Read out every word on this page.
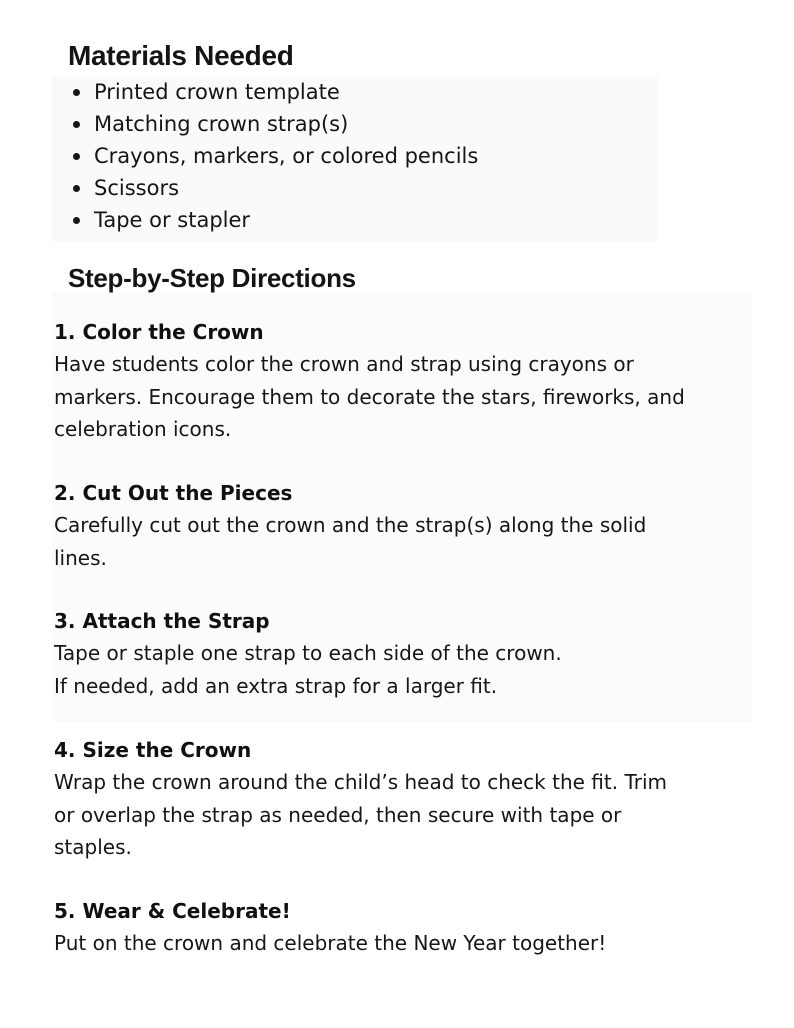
Materials Needed
Printed crown template
Matching crown strap(s)
Crayons, markers, or colored pencils
Scissors
Tape or stapler
Step-by-Step Directions
1. Color the Crown
Have students color the crown and strap using crayons or
markers. Encourage them to decorate the stars, fireworks, and
celebration icons.
2. Cut Out the Pieces
Carefully cut out the crown and the strap(s) along the solid
lines.
3. Attach the Strap
Tape or staple one strap to each side of the crown.
If needed, add an extra strap for a larger fit.
4. Size the Crown
Wrap the crown around the child’s head to check the fit. Trim
or overlap the strap as needed, then secure with tape or
staples.
5. Wear & Celebrate!
Put on the crown and celebrate the New Year together!
